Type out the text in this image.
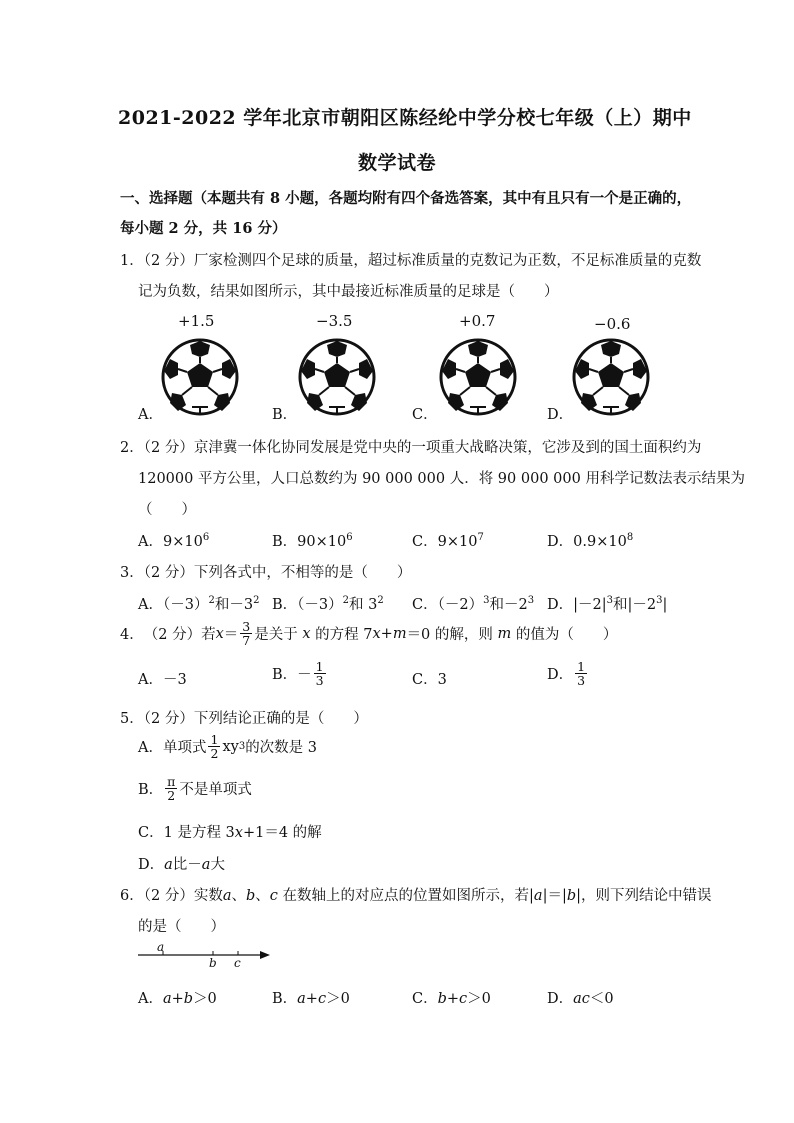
2021-2022 学年北京市朝阳区陈经纶中学分校七年级（上）期中
数学试卷
一、选择题（本题共有 8 小题，各题均附有四个备选答案，其中有且只有一个是正确的，
每小题 2 分，共 16 分）
1．（2 分）厂家检测四个足球的质量，超过标准质量的克数记为正数，不足标准质量的克数
记为负数，结果如图所示，其中最接近标准质量的足球是（　　）
+1.5	−3.5	+0.7	−0.6
A．	B．	C．	D．
2．（2 分）京津冀一体化协同发展是党中央的一项重大战略决策，它涉及到的国土面积约为
120000 平方公里，人口总数约为 90 000 000 人．将 90 000 000 用科学记数法表示结果为
（　　）
A．$9\times 10^6$	B．$90\times 10^6$	C．$9\times 10^7$	D．$0.9\times 10^8$
3．（2 分）下列各式中，不相等的是（　　）
A．$(-3)^2$和$-3^2$ B．$(-3)^2$和 $3^2$ C．$(-2)^3$和$-2^3$ D．$|-2|^3$和$|-2^3|$
4． （2 分）若 $x = \frac{3}{7}$ 是关于
x
的方程 7 x + m ＝0 的解，则
m
的值为（　　）
A．－3	B． － $\frac{1}{3}$	C．3	D． $\frac{1}{3}$
5．（2 分）下列结论正确的是（　　）
A． 单项式 $\frac{1}{2}$ xy 3 的次数是 3
B． $\frac{\pi}{2}$ 不是单项式
C．1 是方程 3x+1＝4 的解
D．a比－a大
6．（2 分）实数a、b、c 在数轴上的对应点的位置如图所示，若|a|＝|b|，则下列结论中错误
的是（　　）
a
b c
A．a+b＞0	B．a+c＞0	C．b+c＞0	D．ac＜0
